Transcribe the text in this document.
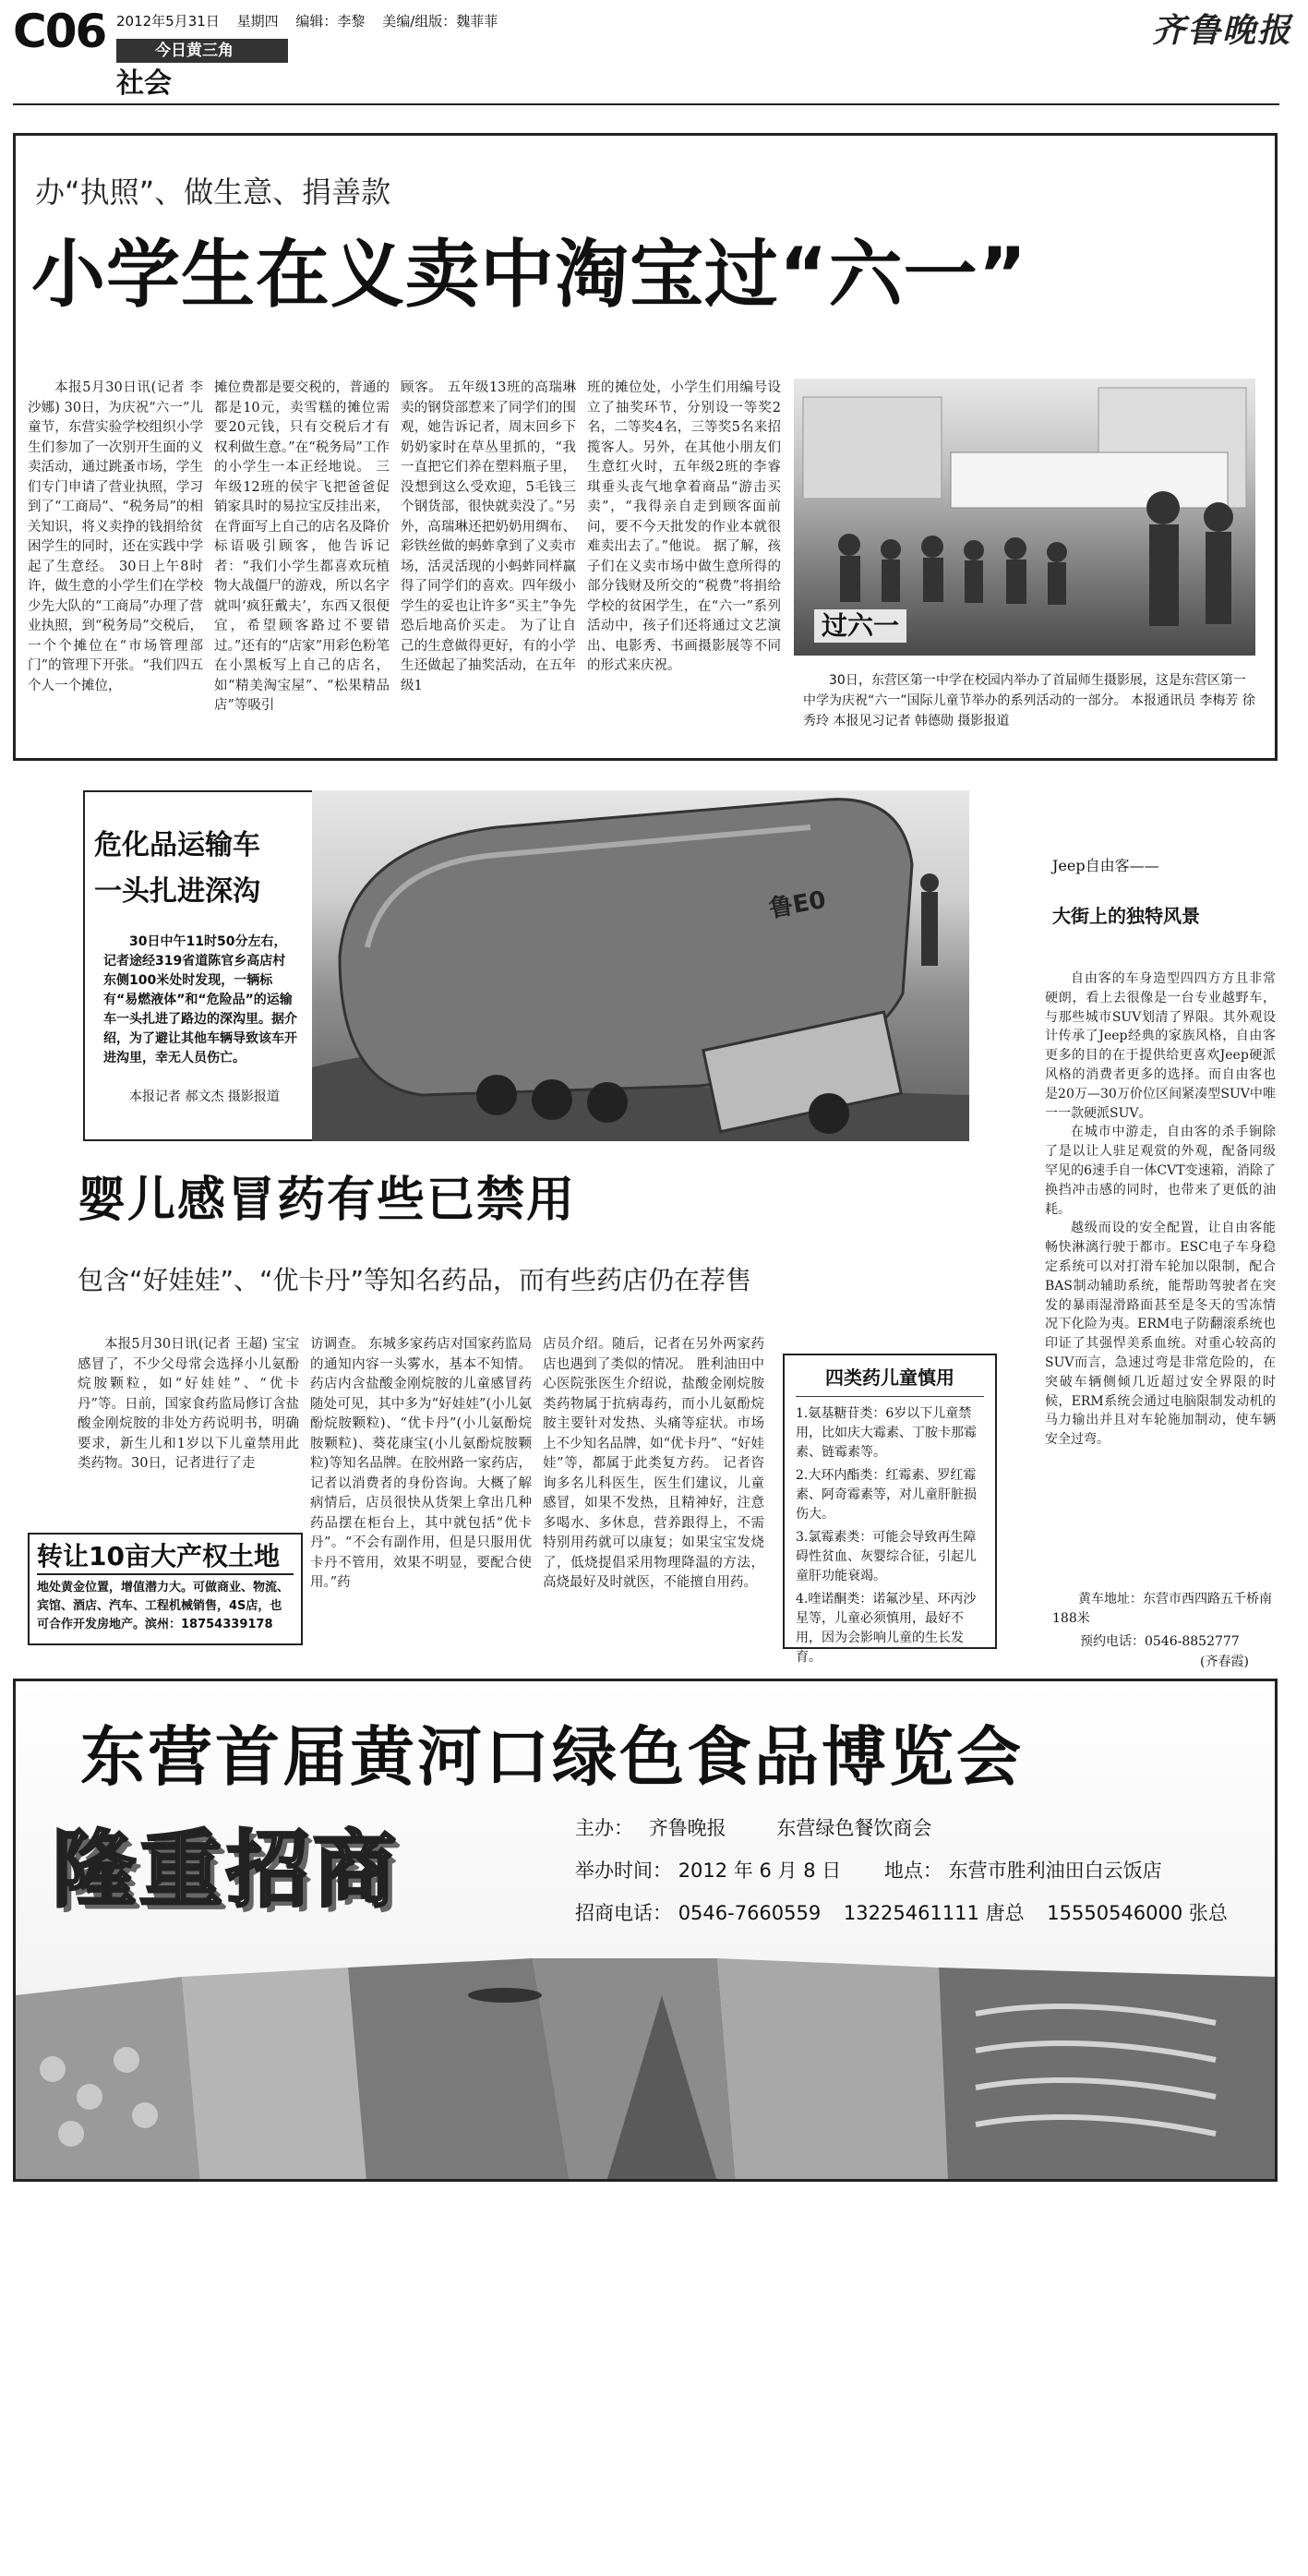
C06 2012年5月31日 星期四 编辑：李黎 美编/组版：魏菲菲
今日黄三角
社会
齐鲁晚报
办“执照”、做生意、捐善款
小学生在义卖中淘宝过“六一”

本报5月30日讯(记者 李沙娜) 30日，为庆祝“六一”儿童节，东营实验学校组织小学生们参加了一次别开生面的义卖活动，通过跳蚤市场，学生们专门申请了营业执照，学习到了“工商局”、“税务局”的相关知识，将义卖挣的钱捐给贫困学生的同时，还在实践中学起了生意经。 30日上午8时许，做生意的小学生们在学校少先大队的“工商局”办理了营业执照，到“税务局”交税后，一个个摊位在“市场管理部门”的管理下开张。“我们四五个人一个摊位，

摊位费都是要交税的，普通的都是10元，卖雪糕的摊位需要20元钱，只有交税后才有权利做生意。”在“税务局”工作的小学生一本正经地说。 三年级12班的侯宇飞把爸爸促销家具时的易拉宝反挂出来，在背面写上自己的店名及降价标语吸引顾客，他告诉记者：“我们小学生都喜欢玩植物大战僵尸的游戏，所以名字就叫‘疯狂戴夫’，东西又很便宜，希望顾客路过不要错过。”还有的“店家”用彩色粉笔在小黑板写上自己的店名，如“精美淘宝屋”、“松果精品店”等吸引

顾客。 五年级13班的高瑞琳卖的钢贷部惹来了同学们的围观，她告诉记者，周末回乡下奶奶家时在草丛里抓的，“我一直把它们养在塑料瓶子里，没想到这么受欢迎，5毛钱三个钢货部，很快就卖没了。”另外，高瑞琳还把奶奶用绸布、彩铁丝做的蚂蚱拿到了义卖市场，活灵活现的小蚂蚱同样赢得了同学们的喜欢。四年级小学生的妥也让许多“买主”争先恐后地高价买走。 为了让自己的生意做得更好，有的小学生还做起了抽奖活动，在五年级1

班的摊位处，小学生们用编号设立了抽奖环节，分别设一等奖2名，二等奖4名，三等奖5名来招揽客人。另外，在其他小朋友们生意红火时，五年级2班的李睿琪垂头丧气地拿着商品“游击买卖”，“我得亲自走到顾客面前问，要不今天批发的作业本就很难卖出去了。”他说。 据了解，孩子们在义卖市场中做生意所得的部分钱财及所交的“税费”将捐给学校的贫困学生，在“六一”系列活动中，孩子们还将通过文艺演出、电影秀、书画摄影展等不同的形式来庆祝。

过六一
30日，东营区第一中学在校园内举办了首届师生摄影展，这是东营区第一中学为庆祝“六一”国际儿童节举办的系列活动的一部分。 本报通讯员 李梅芳 徐秀玲 本报见习记者 韩德勋 摄影报道
危化品运输车
一头扎进深沟
30日中午11时50分左右，记者途经319省道陈官乡高店村东侧100米处时发现，一辆标有“易燃液体”和“危险品”的运输车一头扎进了路边的深沟里。据介绍，为了避让其他车辆导致该车开进沟里，幸无人员伤亡。
本报记者 郝文杰 摄影报道
鲁E0
婴儿感冒药有些已禁用
包含“好娃娃”、“优卡丹”等知名药品，而有些药店仍在荐售

本报5月30日讯(记者 王超) 宝宝感冒了，不少父母常会选择小儿氨酚烷胺颗粒，如“好娃娃”、“优卡丹”等。日前，国家食药监局修订含盐酸金刚烷胺的非处方药说明书，明确要求，新生儿和1岁以下儿童禁用此类药物。30日，记者进行了走

访调查。 东城多家药店对国家药监局的通知内容一头雾水，基本不知情。药店内含盐酸金刚烷胺的儿童感冒药随处可见，其中多为“好娃娃”(小儿氨酚烷胺颗粒)、“优卡丹”(小儿氨酚烷胺颗粒)、葵花康宝(小儿氨酚烷胺颗粒)等知名品牌。在胶州路一家药店，记者以消费者的身份咨询。大概了解病情后，店员很快从货架上拿出几种药品摆在柜台上，其中就包括“优卡丹”。“不会有副作用，但是只服用优卡丹不管用，效果不明显，要配合使用。”药

店员介绍。随后，记者在另外两家药店也遇到了类似的情况。 胜利油田中心医院张医生介绍说，盐酸金刚烷胺类药物属于抗病毒药，而小儿氨酚烷胺主要针对发热、头痛等症状。市场上不少知名品牌，如“优卡丹”、“好娃娃”等，都属于此类复方药。 记者咨询多名儿科医生，医生们建议，儿童感冒，如果不发热，且精神好，注意多喝水、多休息，营养跟得上，不需特别用药就可以康复；如果宝宝发烧了，低烧提倡采用物理降温的方法，高烧最好及时就医，不能擅自用药。

四类药儿童慎用
1.氨基糖苷类：6岁以下儿童禁用，比如庆大霉素、丁胺卡那霉素、链霉素等。
2.大环内酯类：红霉素、罗红霉素、阿奇霉素等，对儿童肝脏损伤大。
3.氯霉素类：可能会导致再生障碍性贫血、灰婴综合征，引起儿童肝功能衰竭。
4.喹诺酮类：诺氟沙星、环丙沙星等，儿童必须慎用，最好不用，因为会影响儿童的生长发育。
转让10亩大产权土地
地处黄金位置，增值潜力大。可做商业、物流、宾馆、酒店、汽车、工程机械销售，4S店，也可合作开发房地产。滨州：18754339178
Jeep自由客——
大街上的独特风景

自由客的车身造型四四方方且非常硬朗，看上去很像是一台专业越野车，与那些城市SUV划清了界限。其外观设计传承了Jeep经典的家族风格，自由客更多的目的在于提供给更喜欢Jeep硬派风格的消费者更多的选择。而自由客也是20万—30万价位区间紧凑型SUV中唯一一款硬派SUV。

在城市中游走，自由客的杀手锏除了是以让人驻足观赏的外观，配备同级罕见的6速手自一体CVT变速箱，消除了换挡冲击感的同时，也带来了更低的油耗。

越级而设的安全配置，让自由客能畅快淋漓行驶于都市。ESC电子车身稳定系统可以对打滑车轮加以限制，配合BAS制动辅助系统，能帮助驾驶者在突发的暴雨湿滑路面甚至是冬天的雪冻情况下化险为夷。ERM电子防翻滚系统也印证了其强悍美系血统。对重心较高的SUV而言，急速过弯是非常危险的，在突破车辆侧倾几近超过安全界限的时候，ERM系统会通过电脑限制发动机的马力输出并且对车轮施加制动，使车辆安全过弯。

黄车地址：东营市西四路五千桥南188米
预约电话：0546-8852777
(齐春霞)
东营首届黄河口绿色食品博览会
隆重招商	主办： 齐鲁晚报	东营绿色餐饮商会
举办时间： 2012 年 6 月 8 日 地点： 东营市胜利油田白云饭店
招商电话： 0546-7660559 13225461111 唐总 15550546000 张总
